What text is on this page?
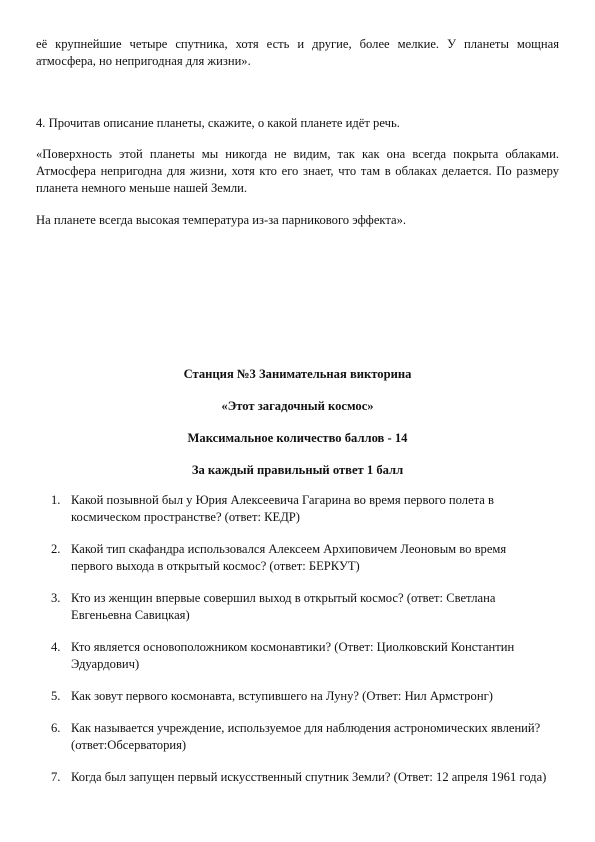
её крупнейшие четыре спутника, хотя есть и другие, более мелкие. У планеты мощная атмосфера, но непригодная для жизни».

4. Прочитав описание планеты, скажите, о какой планете идёт речь.

«Поверхность этой планеты мы никогда не видим, так как она всегда покрыта облаками. Атмосфера непригодна для жизни, хотя кто его знает, что там в облаках делается. По размеру планета немного меньше нашей Земли.

На планете всегда высокая температура из-за парникового эффекта».

Станция №3 Занимательная викторина

«Этот загадочный космос»

Максимальное количество баллов - 14

За каждый правильный ответ 1 балл

1. Какой позывной был у Юрия Алексеевича Гагарина во время первого полета в космическом пространстве? (ответ: КЕДР)
2. Какой тип скафандра использовался Алексеем Архиповичем Леоновым во время первого выхода в открытый космос? (ответ: БЕРКУТ)
3. Кто из женщин впервые совершил выход в открытый космос? (ответ: Светлана Евгеньевна Савицкая)
4. Кто является основоположником космонавтики? (Ответ: Циолковский Константин Эдуардович)
5. Как зовут первого космонавта, вступившего на Луну? (Ответ: Нил Армстронг)
6. Как называется учреждение, используемое для наблюдения астрономических явлений? (ответ:Обсерватория)
7. Когда был запущен первый искусственный спутник Земли? (Ответ: 12 апреля 1961 года)
